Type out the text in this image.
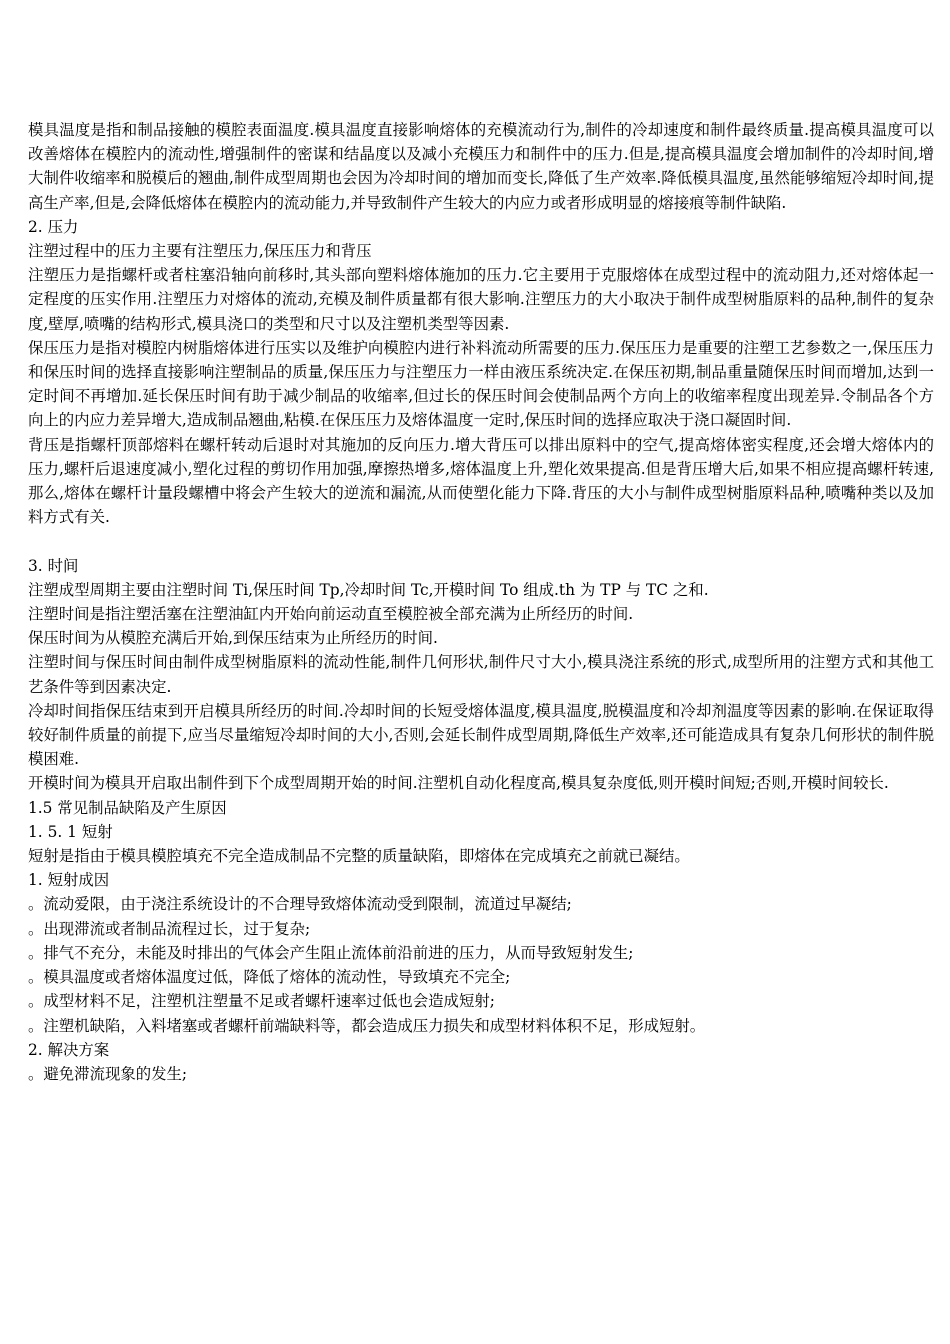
模具温度是指和制品接触的模腔表面温度.模具温度直接影响熔体的充模流动行为,制件的冷却速度和制件最终质量.提高模具温度可以改善熔体在模腔内的流动性,增强制件的密谋和结晶度以及减小充模压力和制件中的压力.但是,提高模具温度会增加制件的冷却时间,增大制件收缩率和脱模后的翘曲,制件成型周期也会因为冷却时间的增加而变长,降低了生产效率.降低模具温度,虽然能够缩短冷却时间,提高生产率,但是,会降低熔体在模腔内的流动能力,并导致制件产生较大的内应力或者形成明显的熔接痕等制件缺陷.

2. 压力

注塑过程中的压力主要有注塑压力,保压压力和背压

注塑压力是指螺杆或者柱塞沿轴向前移时,其头部向塑料熔体施加的压力.它主要用于克服熔体在成型过程中的流动阻力,还对熔体起一定程度的压实作用.注塑压力对熔体的流动,充模及制件质量都有很大影响.注塑压力的大小取决于制件成型树脂原料的品种,制件的复杂度,壁厚,喷嘴的结构形式,模具浇口的类型和尺寸以及注塑机类型等因素.

保压压力是指对模腔内树脂熔体进行压实以及维护向模腔内进行补料流动所需要的压力.保压压力是重要的注塑工艺参数之一,保压压力和保压时间的选择直接影响注塑制品的质量,保压压力与注塑压力一样由液压系统决定.在保压初期,制品重量随保压时间而增加,达到一定时间不再增加.延长保压时间有助于减少制品的收缩率,但过长的保压时间会使制品两个方向上的收缩率程度出现差异.令制品各个方向上的内应力差异增大,造成制品翘曲,粘模.在保压压力及熔体温度一定时,保压时间的选择应取决于浇口凝固时间.

背压是指螺杆顶部熔料在螺杆转动后退时对其施加的反向压力.增大背压可以排出原料中的空气,提高熔体密实程度,还会增大熔体内的压力,螺杆后退速度减小,塑化过程的剪切作用加强,摩擦热增多,熔体温度上升,塑化效果提高.但是背压增大后,如果不相应提高螺杆转速,那么,熔体在螺杆计量段螺槽中将会产生较大的逆流和漏流,从而使塑化能力下降.背压的大小与制件成型树脂原料品种,喷嘴种类以及加料方式有关.

3. 时间

注塑成型周期主要由注塑时间 Ti,保压时间 Tp,冷却时间 Tc,开模时间 To 组成.th 为 TP 与 TC 之和.

注塑时间是指注塑活塞在注塑油缸内开始向前运动直至模腔被全部充满为止所经历的时间.

保压时间为从模腔充满后开始,到保压结束为止所经历的时间.

注塑时间与保压时间由制件成型树脂原料的流动性能,制件几何形状,制件尺寸大小,模具浇注系统的形式,成型所用的注塑方式和其他工艺条件等到因素决定.

冷却时间指保压结束到开启模具所经历的时间.冷却时间的长短受熔体温度,模具温度,脱模温度和冷却剂温度等因素的影响.在保证取得较好制件质量的前提下,应当尽量缩短冷却时间的大小,否则,会延长制件成型周期,降低生产效率,还可能造成具有复杂几何形状的制件脱模困难.

开模时间为模具开启取出制件到下个成型周期开始的时间.注塑机自动化程度高,模具复杂度低,则开模时间短;否则,开模时间较长.

1.5 常见制品缺陷及产生原因

1. 5. 1 短射

短射是指由于模具模腔填充不完全造成制品不完整的质量缺陷，即熔体在完成填充之前就已凝结。

1. 短射成因

。流动爱限，由于浇注系统设计的不合理导致熔体流动受到限制，流道过早凝结;

。出现滞流或者制品流程过长，过于复杂;

。排气不充分，未能及时排出的气体会产生阻止流体前沿前进的压力，从而导致短射发生;

。模具温度或者熔体温度过低，降低了熔体的流动性，导致填充不完全;

。成型材料不足，注塑机注塑量不足或者螺杆速率过低也会造成短射;

。注塑机缺陷，入料堵塞或者螺杆前端缺料等，都会造成压力损失和成型材料体积不足，形成短射。

2. 解决方案

。避免滞流现象的发生;
